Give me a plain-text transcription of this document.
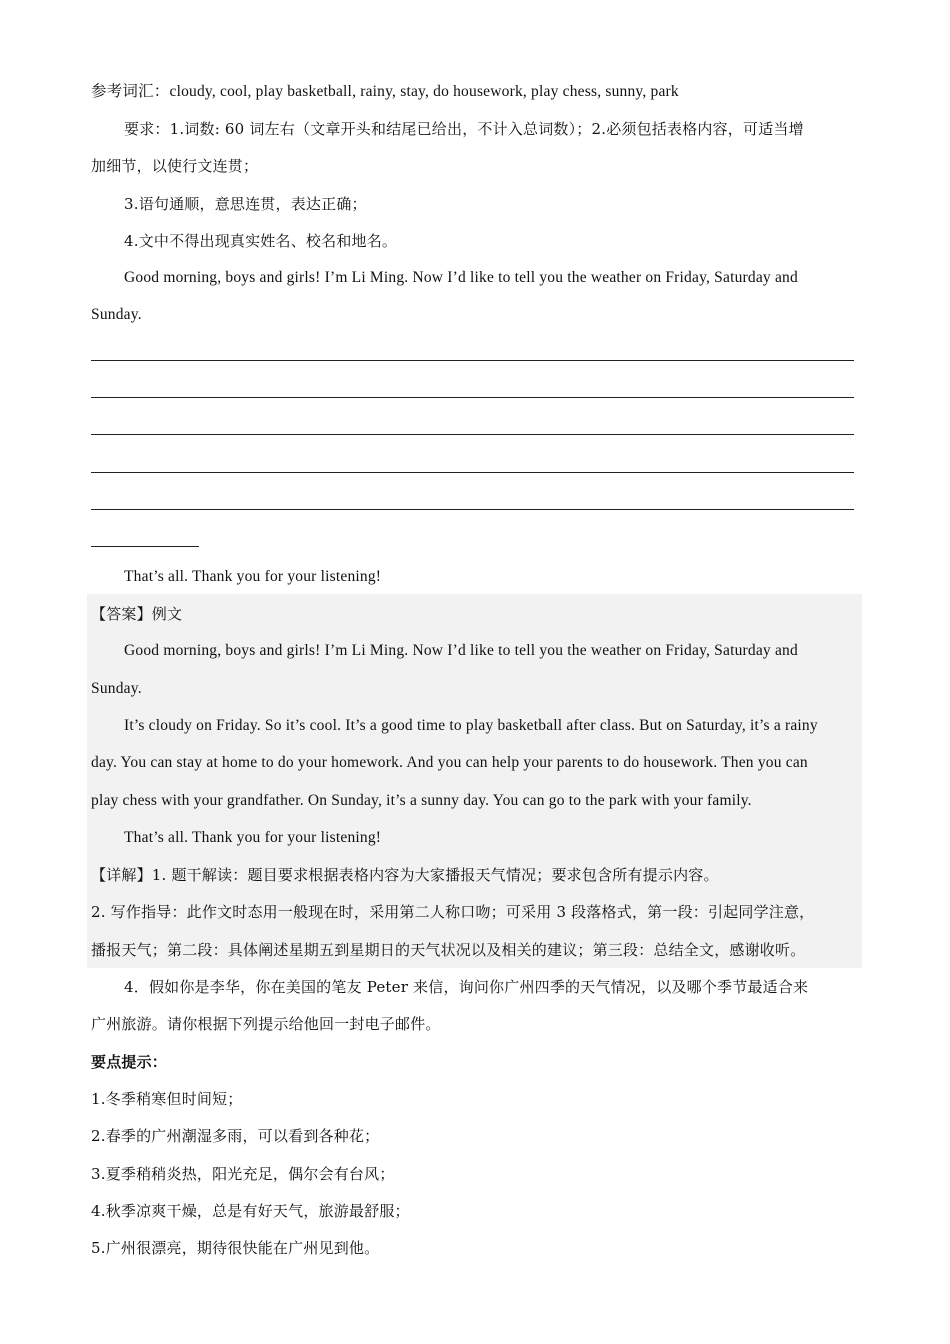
参考词汇：cloudy, cool, play basketball, rainy, stay, do housework, play chess, sunny, park
要求：1.词数: 60 词左右（文章开头和结尾已给出，不计入总词数）；2.必须包括表格内容，可适当增
加细节，以使行文连贯；
3.语句通顺，意思连贯，表达正确；
4.文中不得出现真实姓名、校名和地名。
Good morning, boys and girls! I’m Li Ming. Now I’d like to tell you the weather on Friday, Saturday and
Sunday.
That’s all. Thank you for your listening!
【答案】例文
Good morning, boys and girls! I’m Li Ming. Now I’d like to tell you the weather on Friday, Saturday and
Sunday.
It’s cloudy on Friday. So it’s cool. It’s a good time to play basketball after class. But on Saturday, it’s a rainy
day. You can stay at home to do your homework. And you can help your parents to do housework. Then you can
play chess with your grandfather. On Sunday, it’s a sunny day. You can go to the park with your family.
That’s all. Thank you for your listening!
【详解】1. 题干解读：题目要求根据表格内容为大家播报天气情况；要求包含所有提示内容。
2. 写作指导：此作文时态用一般现在时，采用第二人称口吻；可采用 3 段落格式，第一段：引起同学注意，
播报天气；第二段：具体阐述星期五到星期日的天气状况以及相关的建议；第三段：总结全文，感谢收听。
4．假如你是李华，你在美国的笔友 Peter 来信，询问你广州四季的天气情况，以及哪个季节最适合来
广州旅游。请你根据下列提示给他回一封电子邮件。
要点提示：
1.冬季稍寒但时间短；
2.春季的广州潮湿多雨，可以看到各种花；
3.夏季稍稍炎热，阳光充足，偶尔会有台风；
4.秋季凉爽干燥，总是有好天气，旅游最舒服；
5.广州很漂亮，期待很快能在广州见到他。
